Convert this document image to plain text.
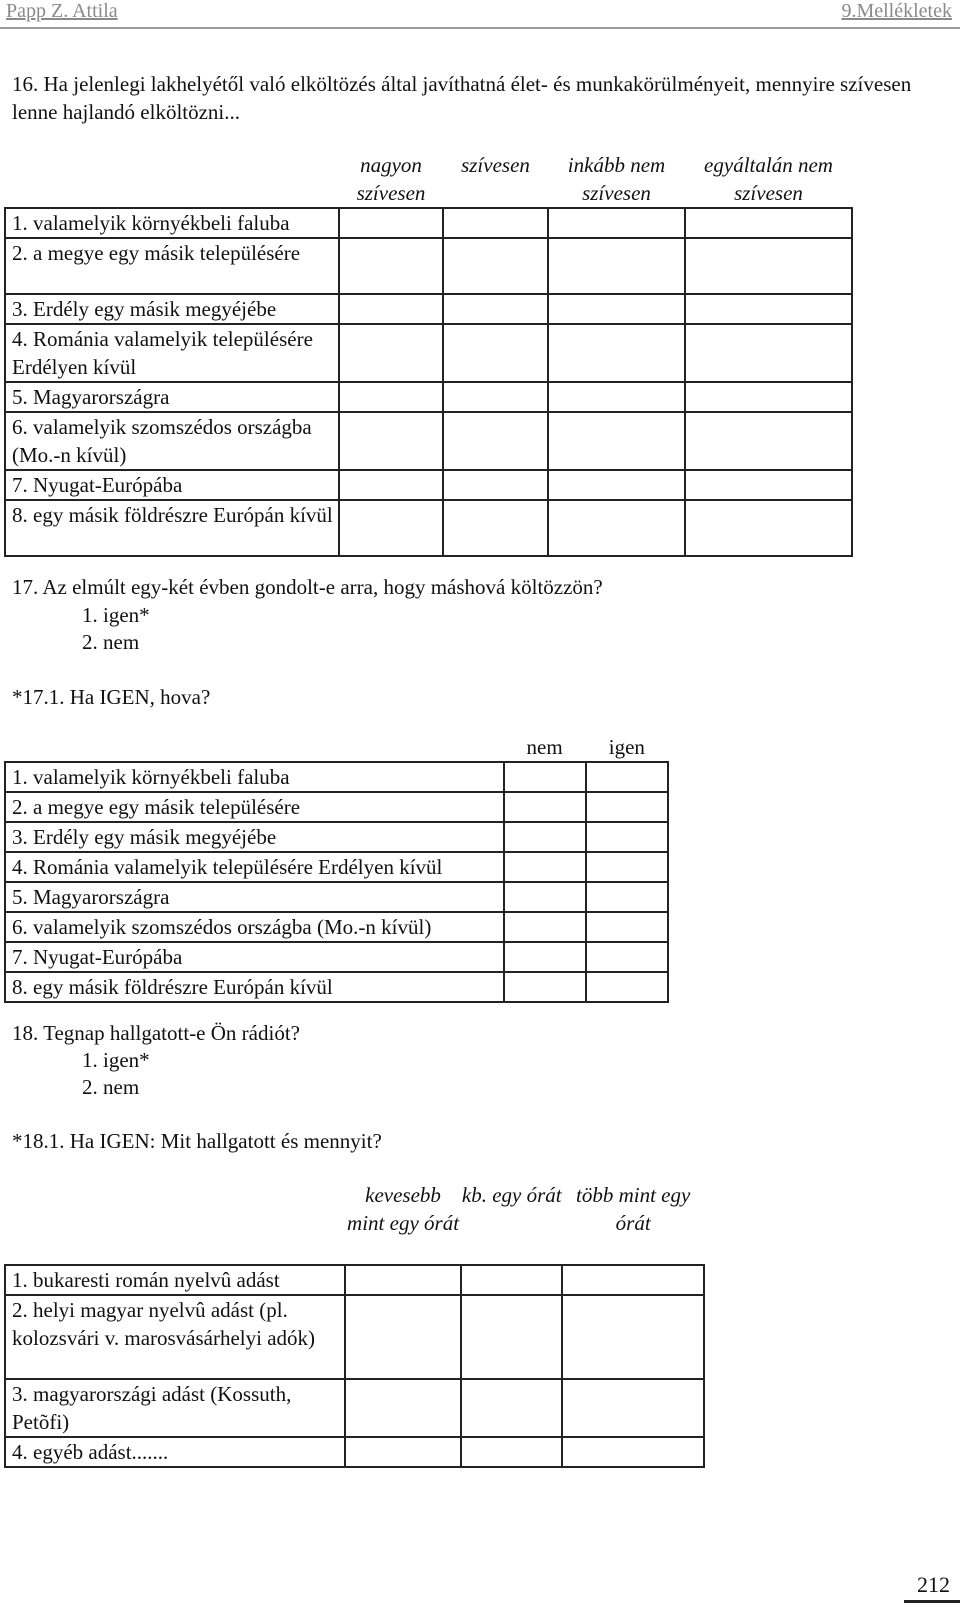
Papp Z. Attila	9.Mellékletek
16. Ha jelenlegi lakhelyétől való elköltözés által javíthatná élet- és munkakörülményeit, mennyire szívesen lenne hajlandó elköltözni...
	nagyon szívesen	szívesen	inkább nem szívesen	egyáltalán nem szívesen
1. valamelyik környékbeli faluba				
2. a megye egy másik településére				
3. Erdély egy másik megyéjébe				
4. Románia valamelyik településére Erdélyen kívül				
5. Magyarországra				
6. valamelyik szomszédos országba (Mo.-n kívül)				
7. Nyugat-Európába				
8. egy másik földrészre Európán kívül				
17. Az elmúlt egy-két évben gondolt-e arra, hogy máshová költözzön?
1. igen*
2. nem
*17.1. Ha IGEN, hova?
	nem	igen
1. valamelyik környékbeli faluba		
2. a megye egy másik településére		
3. Erdély egy másik megyéjébe		
4. Románia valamelyik településére Erdélyen kívül		
5. Magyarországra		
6. valamelyik szomszédos országba (Mo.-n kívül)		
7. Nyugat-Európába		
8. egy másik földrészre Európán kívül		
18. Tegnap hallgatott-e Ön rádiót?
1. igen*
2. nem
*18.1. Ha IGEN: Mit hallgatott és mennyit?
	kevesebb mint egy órát	kb. egy órát	több mint egy órát
1. bukaresti román nyelvû adást			
2. helyi magyar nyelvû adást (pl. kolozsvári v. marosvásárhelyi adók)			
3. magyarországi adást (Kossuth, Petõfi)			
4. egyéb adást.......			
212
